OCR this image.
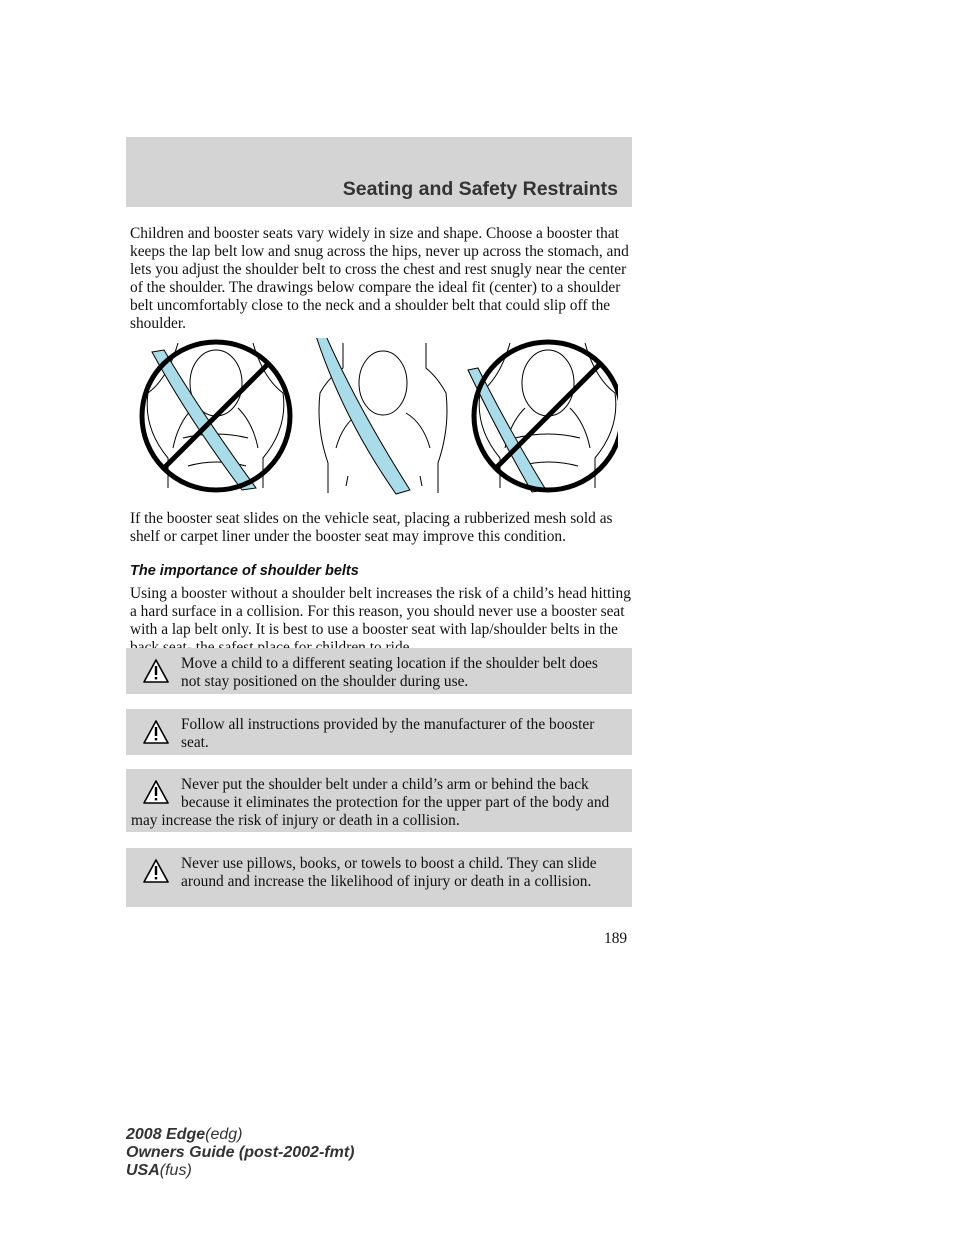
Seating and Safety Restraints

Children and booster seats vary widely in size and shape. Choose a booster that keeps the lap belt low and snug across the hips, never up across the stomach, and lets you adjust the shoulder belt to cross the chest and rest snugly near the center of the shoulder. The drawings below compare the ideal fit (center) to a shoulder belt uncomfortably close to the neck and a shoulder belt that could slip off the shoulder.

If the booster seat slides on the vehicle seat, placing a rubberized mesh sold as shelf or carpet liner under the booster seat may improve this condition.

The importance of shoulder belts

Using a booster without a shoulder belt increases the risk of a child’s head hitting a hard surface in a collision. For this reason, you should never use a booster seat with a lap belt only. It is best to use a booster seat with lap/shoulder belts in the

Move a child to a different seating location if the shoulder belt does not stay positioned on the shoulder during use.
Follow all instructions provided by the manufacturer of the booster seat.
Never put the shoulder belt under a child’s arm or behind the back because it eliminates the protection for the upper part of the body and may increase the risk of injury or death in a collision.
Never use pillows, books, or towels to boost a child. They can slide around and increase the likelihood of injury or death in a collision.
189
2008 Edge(edg)
Owners Guide (post-2002-fmt)
USA(fus)
